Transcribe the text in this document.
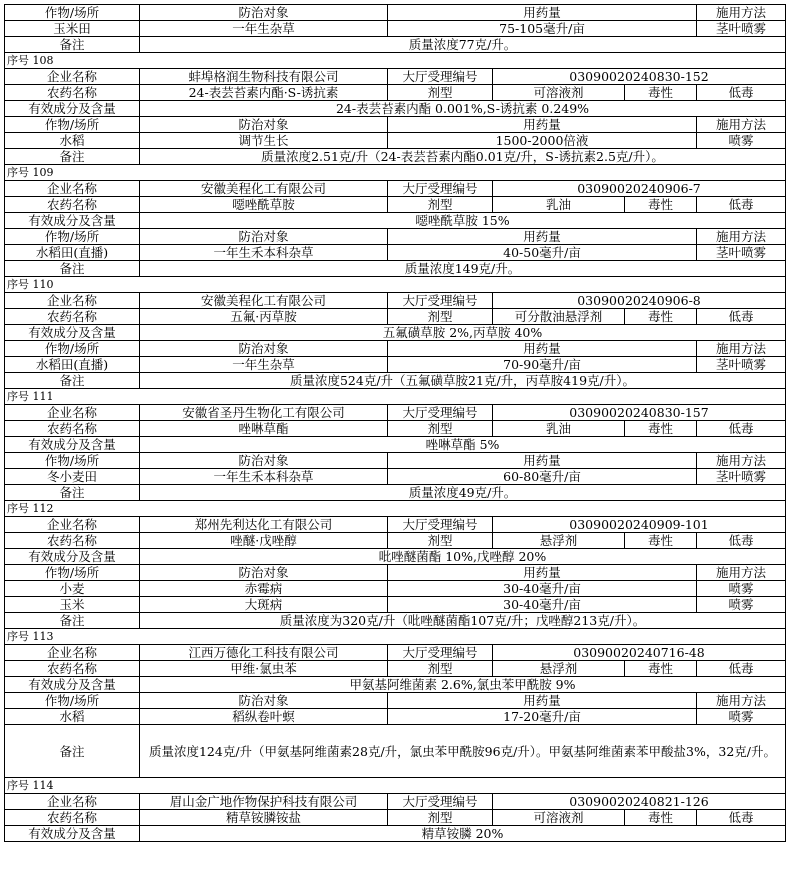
作物/场所	防治对象	用药量			施用方法
玉米田	一年生杂草	75-105毫升/亩			茎叶喷雾
备注	质量浓度77克/升。				
序号 108					
企业名称	蚌埠格润生物科技有限公司	大厅受理编号	03090020240830-152		
农药名称	24-表芸苔素内酯·S-诱抗素	剂型	可溶液剂	毒性	低毒
有效成分及含量	24-表芸苔素内酯 0.001%,S-诱抗素 0.249%				
作物/场所	防治对象	用药量			施用方法
水稻	调节生长	1500-2000倍液			喷雾
备注	质量浓度2.51克/升（24-表芸苔素内酯0.01克/升，S-诱抗素2.5克/升）。				
序号 109					
企业名称	安徽美程化工有限公司	大厅受理编号	03090020240906-7		
农药名称	噁唑酰草胺	剂型	乳油	毒性	低毒
有效成分及含量	噁唑酰草胺 15%				
作物/场所	防治对象	用药量			施用方法
水稻田(直播)	一年生禾本科杂草	40-50毫升/亩			茎叶喷雾
备注	质量浓度149克/升。				
序号 110					
企业名称	安徽美程化工有限公司	大厅受理编号	03090020240906-8		
农药名称	五氟·丙草胺	剂型	可分散油悬浮剂	毒性	低毒
有效成分及含量	五氟磺草胺 2%,丙草胺 40%				
作物/场所	防治对象	用药量			施用方法
水稻田(直播)	一年生杂草	70-90毫升/亩			茎叶喷雾
备注	质量浓度524克/升（五氟磺草胺21克/升，丙草胺419克/升）。				
序号 111					
企业名称	安徽省圣丹生物化工有限公司	大厅受理编号	03090020240830-157		
农药名称	唑啉草酯	剂型	乳油	毒性	低毒
有效成分及含量	唑啉草酯 5%				
作物/场所	防治对象	用药量			施用方法
冬小麦田	一年生禾本科杂草	60-80毫升/亩			茎叶喷雾
备注	质量浓度49克/升。				
序号 112					
企业名称	郑州先利达化工有限公司	大厅受理编号	03090020240909-101		
农药名称	唑醚·戊唑醇	剂型	悬浮剂	毒性	低毒
有效成分及含量	吡唑醚菌酯 10%,戊唑醇 20%				
作物/场所	防治对象	用药量			施用方法
小麦	赤霉病	30-40毫升/亩			喷雾
玉米	大斑病	30-40毫升/亩			喷雾
备注	质量浓度为320克/升（吡唑醚菌酯107克/升；戊唑醇213克/升）。				
序号 113					
企业名称	江西万德化工科技有限公司	大厅受理编号	03090020240716-48		
农药名称	甲维·氯虫苯	剂型	悬浮剂	毒性	低毒
有效成分及含量	甲氨基阿维菌素 2.6%,氯虫苯甲酰胺 9%				
作物/场所	防治对象	用药量			施用方法
水稻	稻纵卷叶螟	17-20毫升/亩			喷雾
备注	质量浓度124克/升（甲氨基阿维菌素28克/升，氯虫苯甲酰胺96克/升）。甲氨基阿维菌素苯甲酸盐3%，32克/升。				
序号 114					
企业名称	眉山金广地作物保护科技有限公司	大厅受理编号	03090020240821-126		
农药名称	精草铵膦铵盐	剂型	可溶液剂	毒性	低毒
有效成分及含量	精草铵膦 20%				
